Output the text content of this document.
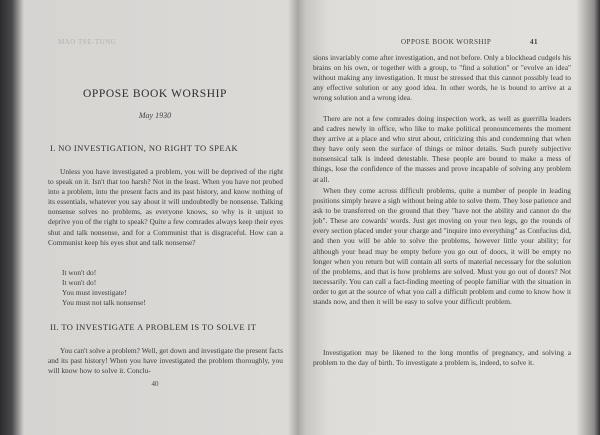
MAO TSE-TUNG
OPPOSE BOOK WORSHIP
May 1930
I. NO INVESTIGATION, NO RIGHT TO SPEAK
Unless you have investigated a problem, you will be deprived of the right to speak on it. Isn't that too harsh? Not in the least. When you have not probed into a problem, into the present facts and its past history, and know nothing of its essentials, whatever you say about it will undoubtedly be nonsense. Talking nonsense solves no problems, as everyone knows, so why is it unjust to deprive you of the right to speak? Quite a few comrades always keep their eyes shut and talk nonsense, and for a Communist that is disgraceful. How can a Communist keep his eyes shut and talk nonsense?
It won't do!
It won't do!
You must investigate!
You must not talk nonsense!
II. TO INVESTIGATE A PROBLEM IS TO SOLVE IT
You can't solve a problem? Well, get down and investigate the present facts and its past history! When you have investigated the problem thoroughly, you will know how to solve it. Conclu-
40
OPPOSE BOOK WORSHIP	41
sions invariably come after investigation, and not before. Only a blockhead cudgels his brains on his own, or together with a group, to "find a solution" or "evolve an idea" without making any investigation. It must be stressed that this cannot possibly lead to any effective solution or any good idea. In other words, he is bound to arrive at a wrong solution and a wrong idea.
There are not a few comrades doing inspection work, as well as guerrilla leaders and cadres newly in office, who like to make political pronouncements the moment they arrive at a place and who strut about, criticizing this and condemning that when they have only seen the surface of things or minor details. Such purely subjective nonsensical talk is indeed detestable. These people are bound to make a mess of things, lose the confidence of the masses and prove incapable of solving any problem at all.
When they come across difficult problems, quite a number of people in leading positions simply heave a sigh without being able to solve them. They lose patience and ask to be transferred on the ground that they "have not the ability and cannot do the job". These are cowards' words. Just get moving on your two legs, go the rounds of every section placed under your charge and "inquire into everything" as Confucius did, and then you will be able to solve the problems, however little your ability; for although your head may be empty before you go out of doors, it will be empty no longer when you return but will contain all sorts of material necessary for the solution of the problems, and that is how problems are solved. Must you go out of doors? Not necessarily. You can call a fact-finding meeting of people familiar with the situation in order to get at the source of what you call a difficult problem and come to know how it stands now, and then it will be easy to solve your difficult problem.
Investigation may be likened to the long months of pregnancy, and solving a problem to the day of birth. To investigate a problem is, indeed, to solve it.
